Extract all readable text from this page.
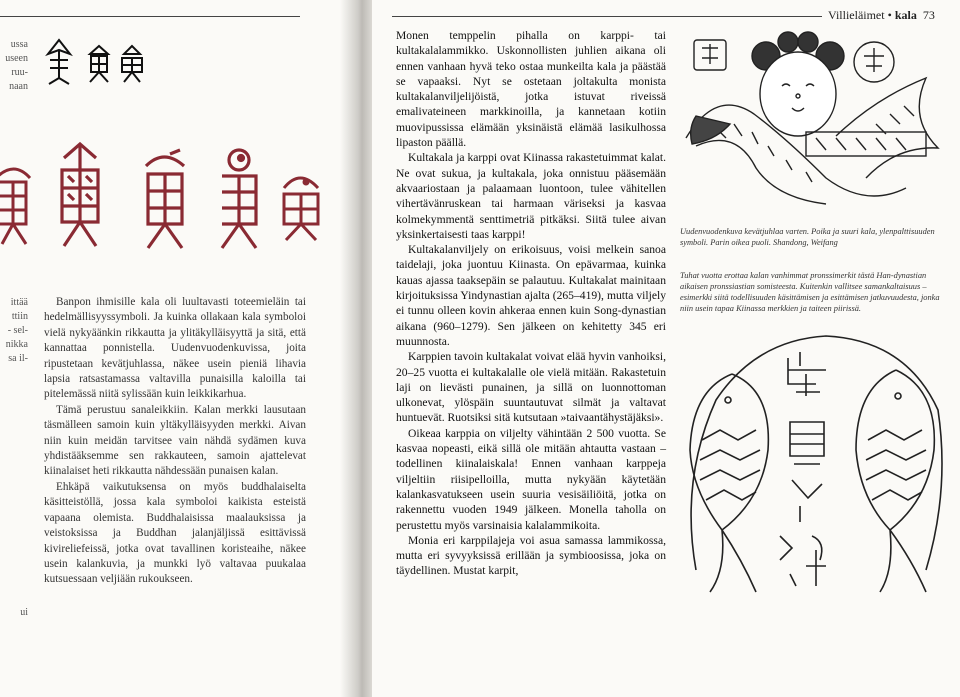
ussa
useen
ruu-
naan
ittää
ttiin
- sel-
nikka
sa il-
ui

Banpon ihmisille kala oli luultavasti toteemieläin tai hedelmällisyyssymboli. Ja kuinka ollakaan kala symboloi vielä nykyäänkin rikkautta ja ylitäkylläisyyttä ja sitä, että kannattaa ponnistella. Uudenvuodenkuvissa, joita ripustetaan kevätjuhlassa, näkee usein pieniä lihavia lapsia ratsastamassa valtavilla punaisilla kaloilla tai pitelemässä niitä sylissään kuin leikkikarhua.

Tämä perustuu sanaleikkiin. Kalan merkki lausutaan täsmälleen samoin kuin yltäkylläisyyden merkki. Aivan niin kuin meidän tarvitsee vain nähdä sydämen kuva yhdistääksemme sen rakkauteen, samoin ajattelevat kiinalaiset heti rikkautta nähdessään punaisen kalan.

Ehkäpä vaikutuksensa on myös buddhalaiselta käsitteistöllä, jossa kala symboloi kaikista esteistä vapaana olemista. Buddhalaisissa maalauksissa ja veistoksissa ja Buddhan jalanjäljissä esittävissä kivireliefeissä, jotka ovat tavallinen koristeaihe, näkee usein kalankuvia, ja munkki lyö valtavaa puukalaa kutsuessaan veljiään rukoukseen.

Villieläimet • kala 73

Monen temppelin pihalla on karppi- tai kultakalalammikko. Uskonnollisten juhlien aikana oli ennen vanhaan hyvä teko ostaa munkeilta kala ja päästää se vapaaksi. Nyt se ostetaan joltakulta monista kultakalanviljelijöistä, jotka istuvat riveissä emalivateineen markkinoilla, ja kannetaan kotiin muovipussissa elämään yksinäistä elämää lasikulhossa lipaston päällä.

Kultakala ja karppi ovat Kiinassa rakastetuimmat kalat. Ne ovat sukua, ja kultakala, joka onnistuu pääsemään akvaariostaan ja palaamaan luontoon, tulee vähitellen vihertävänruskean tai harmaan väriseksi ja kasvaa kolmekymmentä senttimetriä pitkäksi. Siitä tulee aivan yksinkertaisesti taas karppi!

Kultakalanviljely on erikoisuus, voisi melkein sanoa taidelaji, joka juontuu Kiinasta. On epävarmaa, kuinka kauas ajassa taaksepäin se palautuu. Kultakalat mainitaan kirjoituksissa Yindynastian ajalta (265–419), mutta viljely ei tunnu olleen kovin ahkeraa ennen kuin Song-dynastian aikana (960–1279). Sen jälkeen on kehitetty 345 eri muunnosta.

Karppien tavoin kultakalat voivat elää hyvin vanhoiksi, 20–25 vuotta ei kultakalalle ole vielä mitään. Rakastetuin laji on lievästi punainen, ja sillä on luonnottoman ulkonevat, ylöspäin suuntautuvat silmät ja valtavat huntuevät. Ruotsiksi sitä kutsutaan »taivaantähystäjäksi».

Oikeaa karppia on viljelty vähintään 2 500 vuotta. Se kasvaa nopeasti, eikä sillä ole mitään ahtautta vastaan – todellinen kiinalaiskala! Ennen vanhaan karppeja viljeltiin riisipelloilla, mutta nykyään käytetään kalankasvatukseen usein suuria vesisäiliöitä, jotka on rakennettu vuoden 1949 jälkeen. Monella taholla on perustettu myös varsinaisia kalalammikoita.

Monia eri karppilajeja voi asua samassa lammikossa, mutta eri syvyyksissä erillään ja symbioosissa, joka on täydellinen. Mustat karpit,

Uudenvuodenkuva kevätjuhlaa varten. Poika ja suuri kala, ylenpalttisuuden symboli. Parin oikea puoli. Shandong, Weifang
Tuhat vuotta erottaa kalan vanhimmat pronssimerkit tästä Han-dynastian aikaisen pronssiastian somisteesta. Kuitenkin vallitsee samankaltaisuus – esimerkki siitä todellisuuden käsittämisen ja esittämisen jatkuvuudesta, jonka niin usein tapaa Kiinassa merkkien ja taiteen piirissä.
